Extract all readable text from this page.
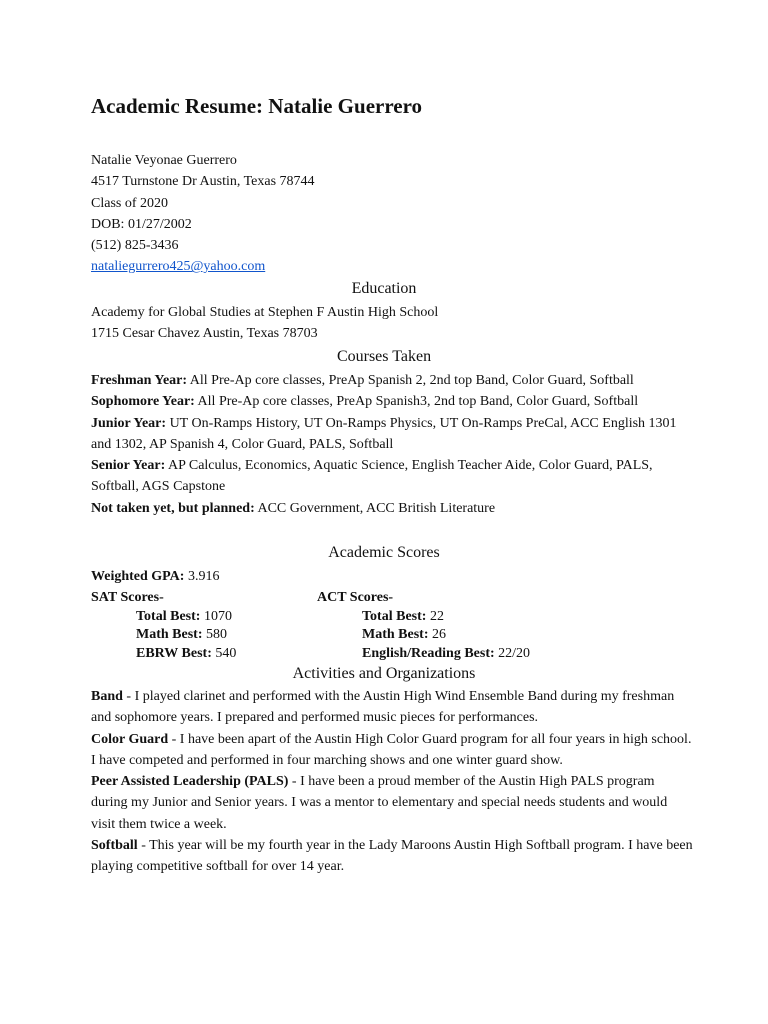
Academic Resume: Natalie Guerrero
Natalie Veyonae Guerrero
4517 Turnstone Dr Austin, Texas 78744
Class of 2020
DOB: 01/27/2002
(512) 825-3436
nataliegurrero425@yahoo.com
Education

Academy for Global Studies at Stephen F Austin High School

1715 Cesar Chavez Austin, Texas 78703

Courses Taken

Freshman Year: All Pre-Ap core classes, PreAp Spanish 2, 2nd top Band, Color Guard, Softball

Sophomore Year: All Pre-Ap core classes, PreAp Spanish3, 2nd top Band, Color Guard, Softball

Junior Year: UT On-Ramps History, UT On-Ramps Physics, UT On-Ramps PreCal, ACC English 1301 and 1302, AP Spanish 4, Color Guard, PALS, Softball

Senior Year: AP Calculus, Economics, Aquatic Science, English Teacher Aide, Color Guard, PALS, Softball, AGS Capstone

Not taken yet, but planned: ACC Government, ACC British Literature

Academic Scores
Weighted GPA: 3.916
SAT Scores-
Total Best: 1070
Math Best: 580
EBRW Best: 540
ACT Scores-
Total Best: 22
Math Best: 26
English/Reading Best: 22/20
Activities and Organizations

Band - I played clarinet and performed with the Austin High Wind Ensemble Band during my freshman and sophomore years. I prepared and performed music pieces for performances.

Color Guard - I have been apart of the Austin High Color Guard program for all four years in high school. I have competed and performed in four marching shows and one winter guard show.

Peer Assisted Leadership (PALS) - I have been a proud member of the Austin High PALS program during my Junior and Senior years. I was a mentor to elementary and special needs students and would visit them twice a week.

Softball - This year will be my fourth year in the Lady Maroons Austin High Softball program. I have been playing competitive softball for over 14 year.
